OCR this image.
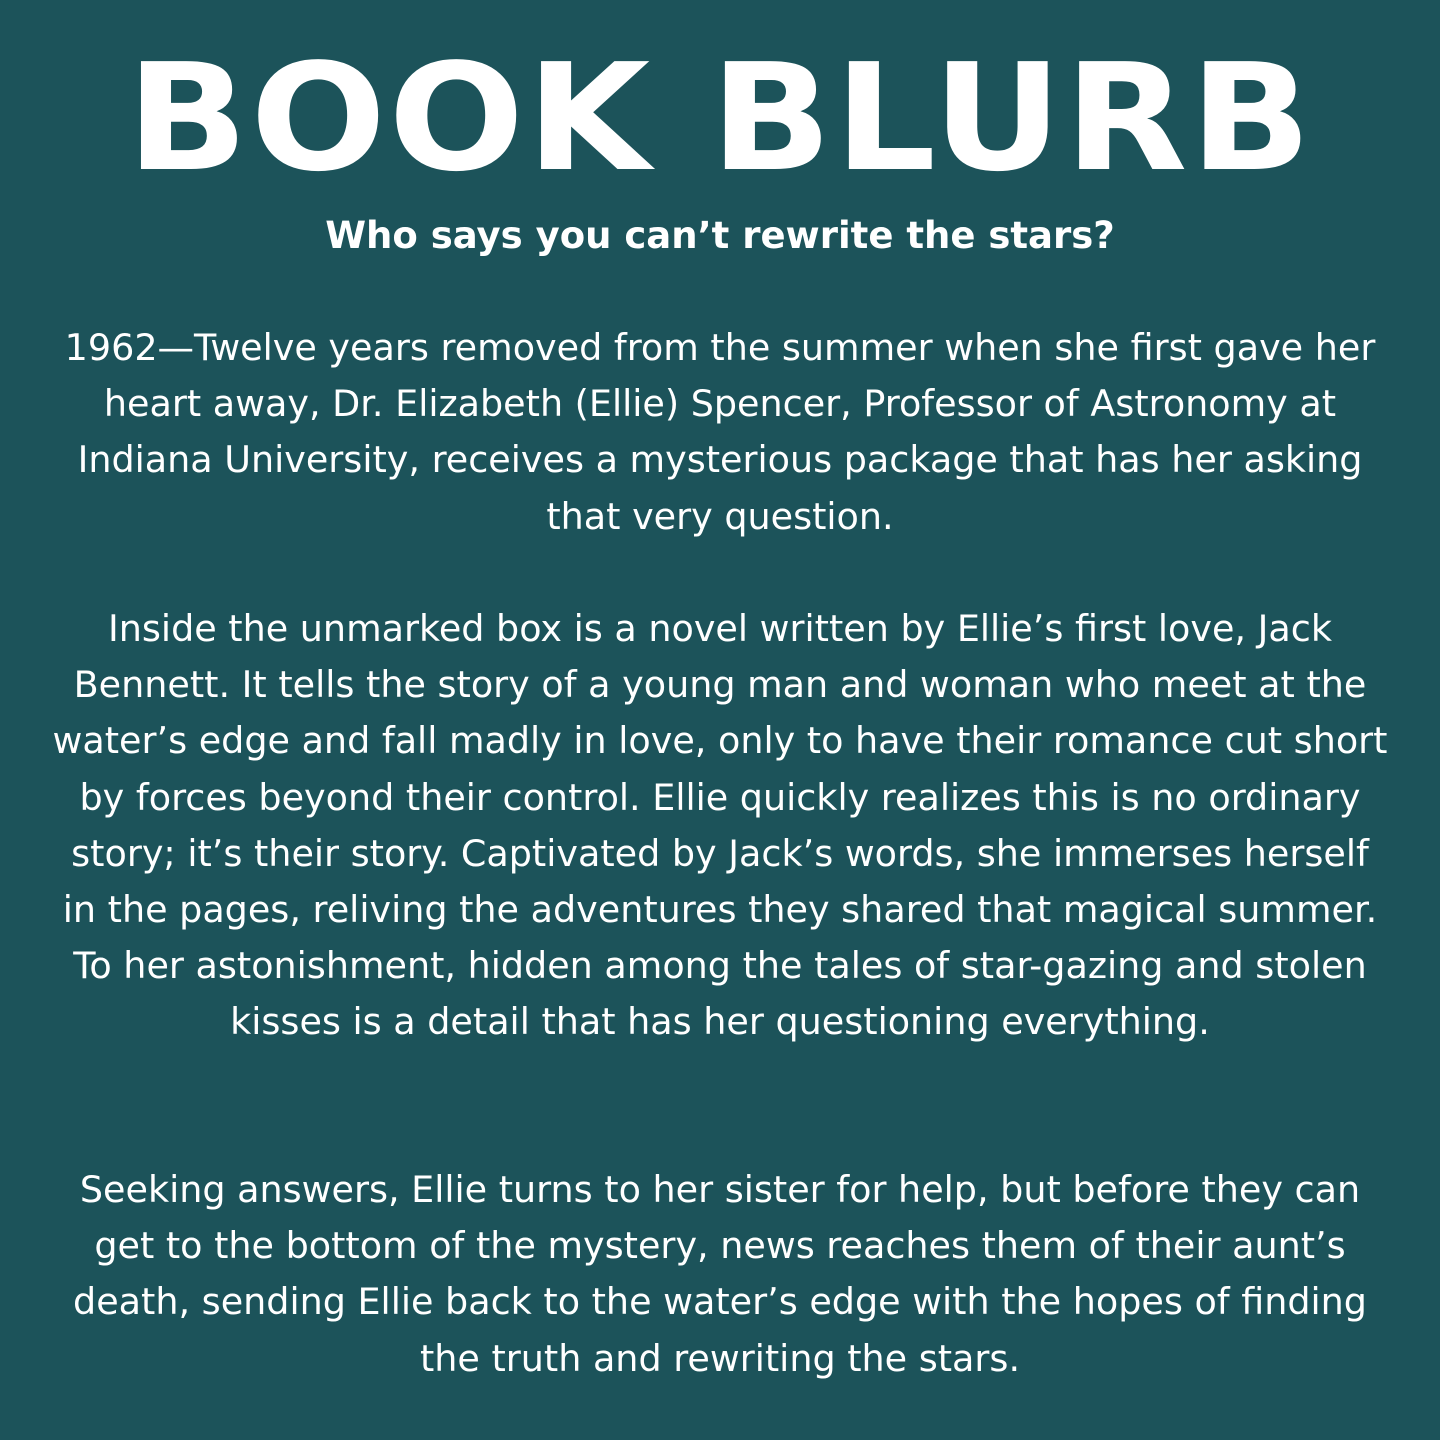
BOOK BLURB
Who says you can’t rewrite the stars?

1962—Twelve years removed from the summer when she first gave her heart away, Dr. Elizabeth (Ellie) Spencer, Professor of Astronomy at Indiana University, receives a mysterious package that has her asking that very question.

Inside the unmarked box is a novel written by Ellie’s first love, Jack Bennett. It tells the story of a young man and woman who meet at the water’s edge and fall madly in love, only to have their romance cut short by forces beyond their control. Ellie quickly realizes this is no ordinary story; it’s their story. Captivated by Jack’s words, she immerses herself in the pages, reliving the adventures they shared that magical summer. To her astonishment, hidden among the tales of star-gazing and stolen kisses is a detail that has her questioning everything.

Seeking answers, Ellie turns to her sister for help, but before they can get to the bottom of the mystery, news reaches them of their aunt’s death, sending Ellie back to the water’s edge with the hopes of finding the truth and rewriting the stars.
